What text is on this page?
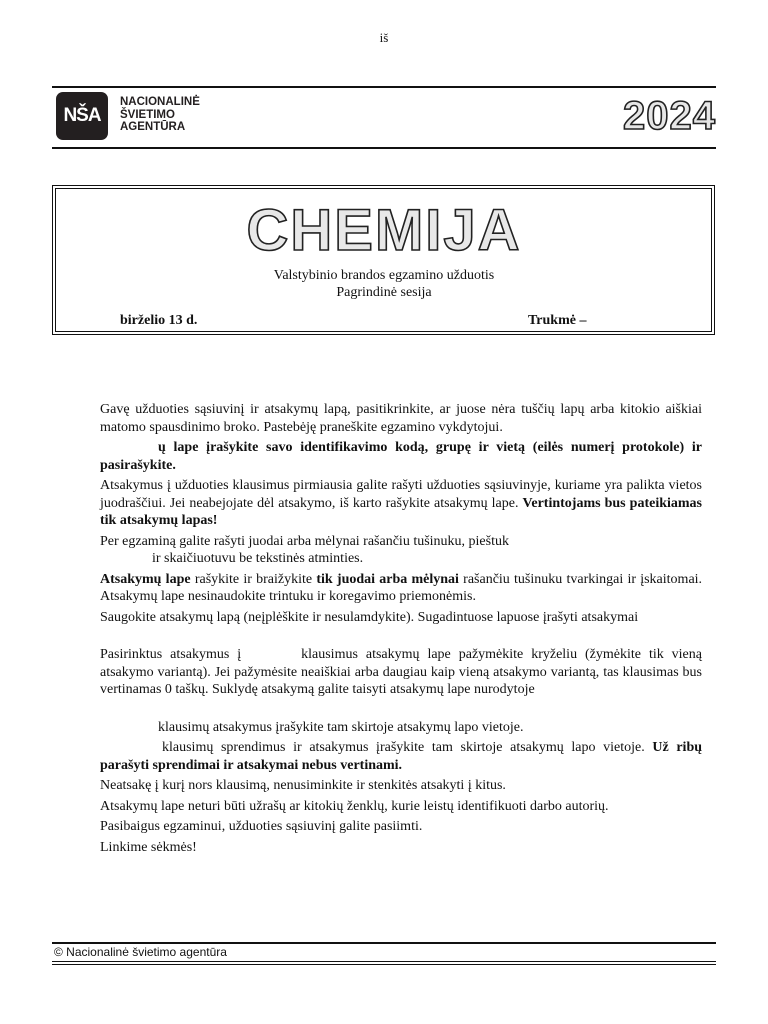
iš
NŠA
NACIONALINĖ
ŠVIETIMO
AGENTŪRA	2024
CHEMIJA
Valstybinio brandos egzamino užduotis
Pagrindinė sesija
birželio 13 d.	Trukmė –

Gavę užduoties sąsiuvinį ir atsakymų lapą, pasitikrinkite, ar juose nėra tuščių lapų arba kitokio aiškiai matomo spausdinimo broko. Pastebėję praneškite egzamino vykdytojui.

ų lape įrašykite savo identifikavimo kodą, grupę ir vietą (eilės numerį protokole) ir pasirašykite.

Atsakymus į užduoties klausimus pirmiausia galite rašyti užduoties sąsiuvinyje, kuriame yra palikta vietos juodraščiui. Jei neabejojate dėl atsakymo, iš karto rašykite atsakymų lape. Vertintojams bus pateikiamas tik atsakymų lapas!

Per egzaminą galite rašyti juodai arba mėlynai rašančiu tušinuku, pieštuk

ir skaičiuotuvu be tekstinės atminties.

Atsakymų lape rašykite ir braižykite tik juodai arba mėlynai rašančiu tušinuku tvarkingai ir įskaitomai. Atsakymų lape nesinaudokite trintuku ir koregavimo priemonėmis.

Saugokite atsakymų lapą (neįplėškite ir nesulamdykite). Sugadintuose lapuose įrašyti atsakymai

Pasirinktus atsakymus į	klausimus atsakymų lape pažymėkite kryželiu (žymėkite tik vieną atsakymo variantą). Jei pažymėsite neaiškiai arba daugiau kaip vieną atsakymo variantą, tas klausimas bus vertinamas 0 taškų. Suklydę atsakymą galite taisyti atsakymų lape nurodytoje

klausimų atsakymus įrašykite tam skirtoje atsakymų lapo vietoje.

klausimų sprendimus ir atsakymus įrašykite tam skirtoje atsakymų lapo vietoje. Už ribų parašyti sprendimai ir atsakymai nebus vertinami.

Neatsakę į kurį nors klausimą, nenusiminkite ir stenkitės atsakyti į kitus.

Atsakymų lape neturi būti užrašų ar kitokių ženklų, kurie leistų identifikuoti darbo autorių.

Pasibaigus egzaminui, užduoties sąsiuvinį galite pasiimti.

Linkime sėkmės!

© Nacionalinė švietimo agentūra
